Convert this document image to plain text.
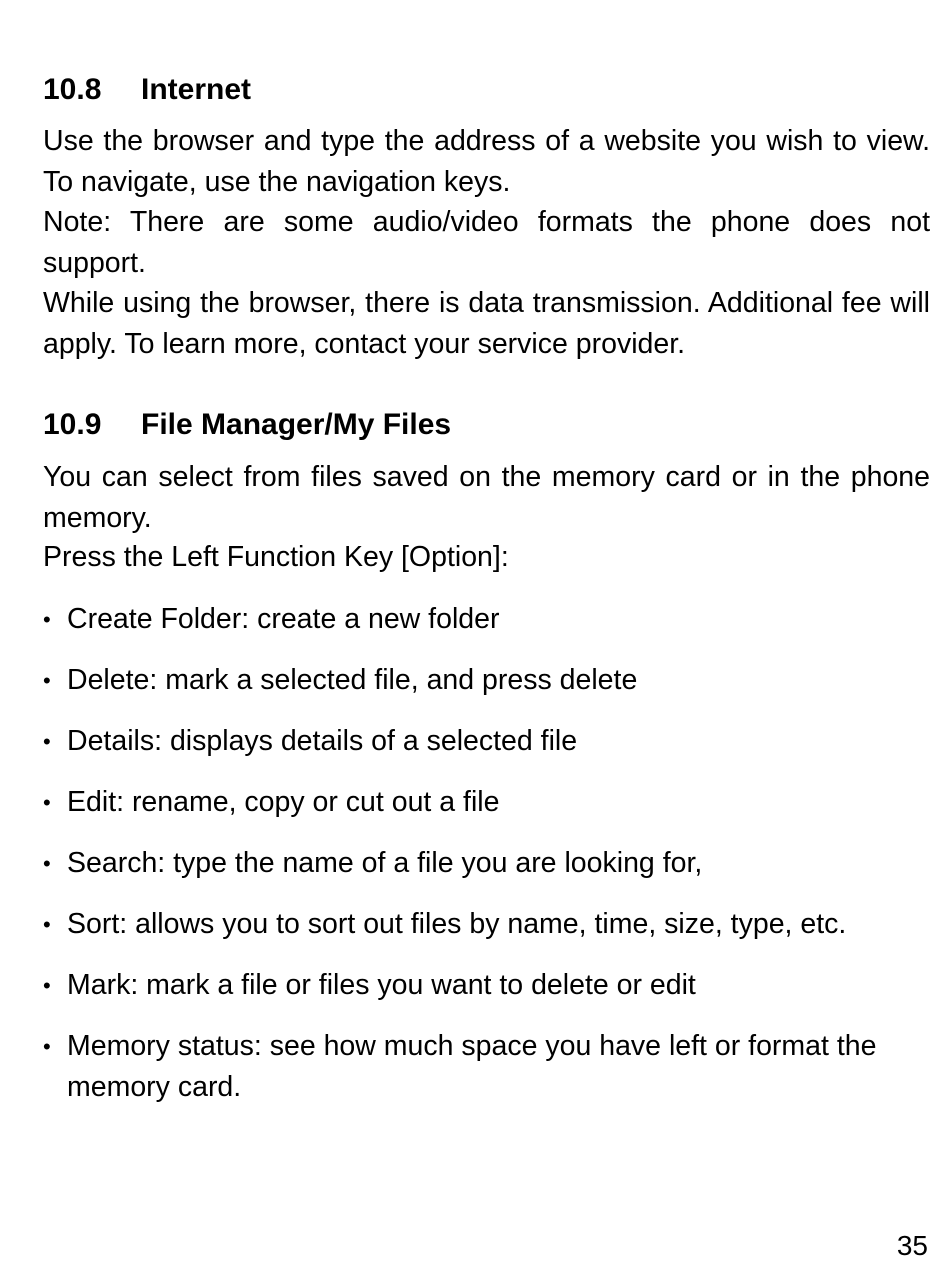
10.8	Internet

Use the browser and type the address of a website you wish to view. To navigate, use the navigation keys.

Note: There are some audio/video formats the phone does not support.

While using the browser, there is data transmission. Additional fee will apply. To learn more, contact your service provider.

10.9	File Manager/My Files

You can select from files saved on the memory card or in the phone memory.

Press the Left Function Key [Option]:

• Create Folder: create a new folder
• Delete: mark a selected file, and press delete
• Details: displays details of a selected file
• Edit: rename, copy or cut out a file
• Search: type the name of a file you are looking for,
• Sort: allows you to sort out files by name, time, size, type, etc.
• Mark: mark a file or files you want to delete or edit
• Memory status: see how much space you have left or format the memory card.
35
